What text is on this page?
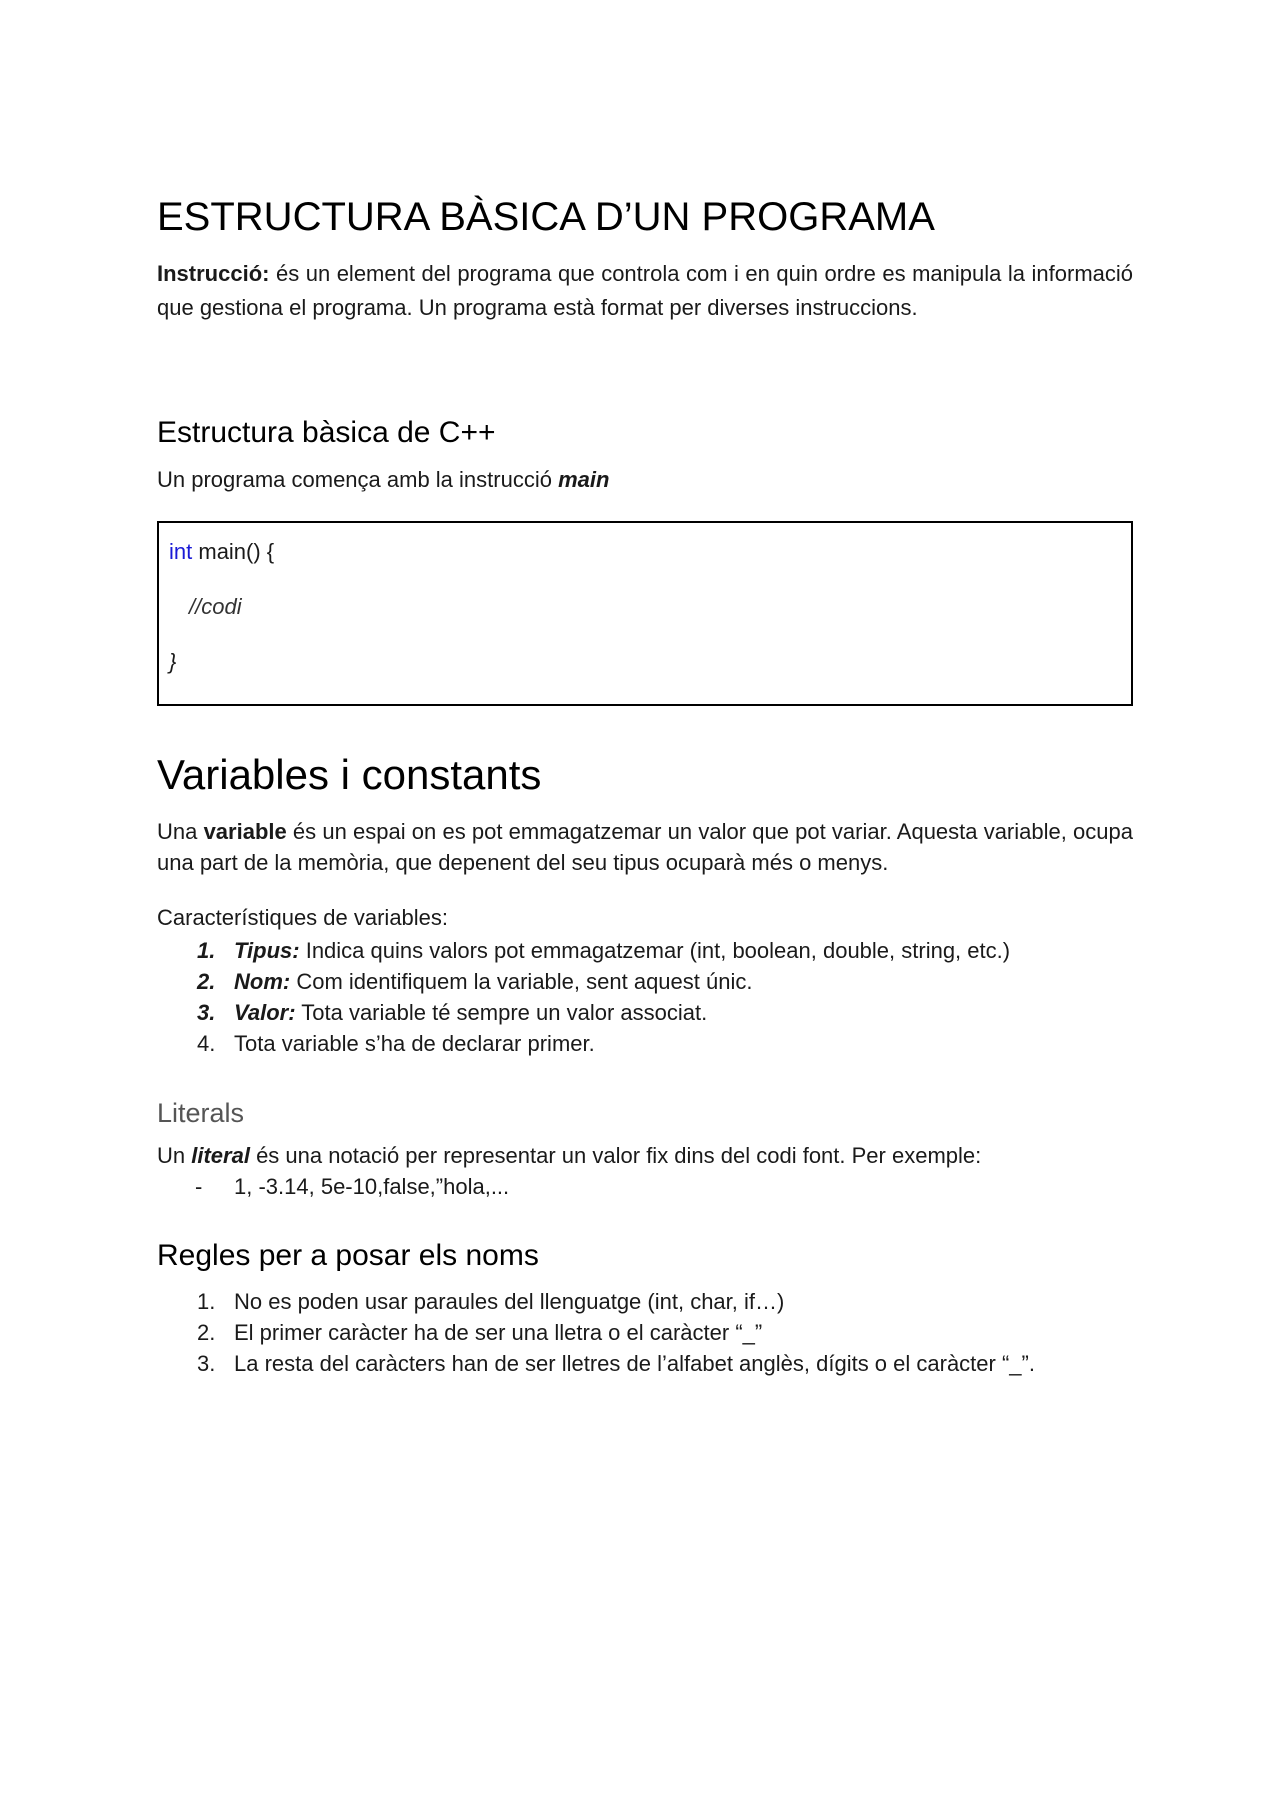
ESTRUCTURA BÀSICA D’UN PROGRAMA

Instrucció: és un element del programa que controla com i en quin ordre es manipula la informació que gestiona el programa. Un programa està format per diverses instruccions.

Estructura bàsica de C++

Un programa comença amb la instrucció main

int main() {
//codi
}
Variables i constants

Una variable és un espai on es pot emmagatzemar un valor que pot variar. Aquesta variable, ocupa una part de la memòria, que depenent del seu tipus ocuparà més o menys.

Característiques de variables:

1. Tipus: Indica quins valors pot emmagatzemar (int, boolean, double, string, etc.)
2. Nom: Com identifiquem la variable, sent aquest únic.
3. Valor: Tota variable té sempre un valor associat.
4. Tota variable s’ha de declarar primer.
Literals

Un literal és una notació per representar un valor fix dins del codi font. Per exemple:

- 1, -3.14, 5e-10,false,”hola,...
Regles per a posar els noms
1. No es poden usar paraules del llenguatge (int, char, if…)
2. El primer caràcter ha de ser una lletra o el caràcter “_”
3. La resta del caràcters han de ser lletres de l’alfabet anglès, dígits o el caràcter “_”.
